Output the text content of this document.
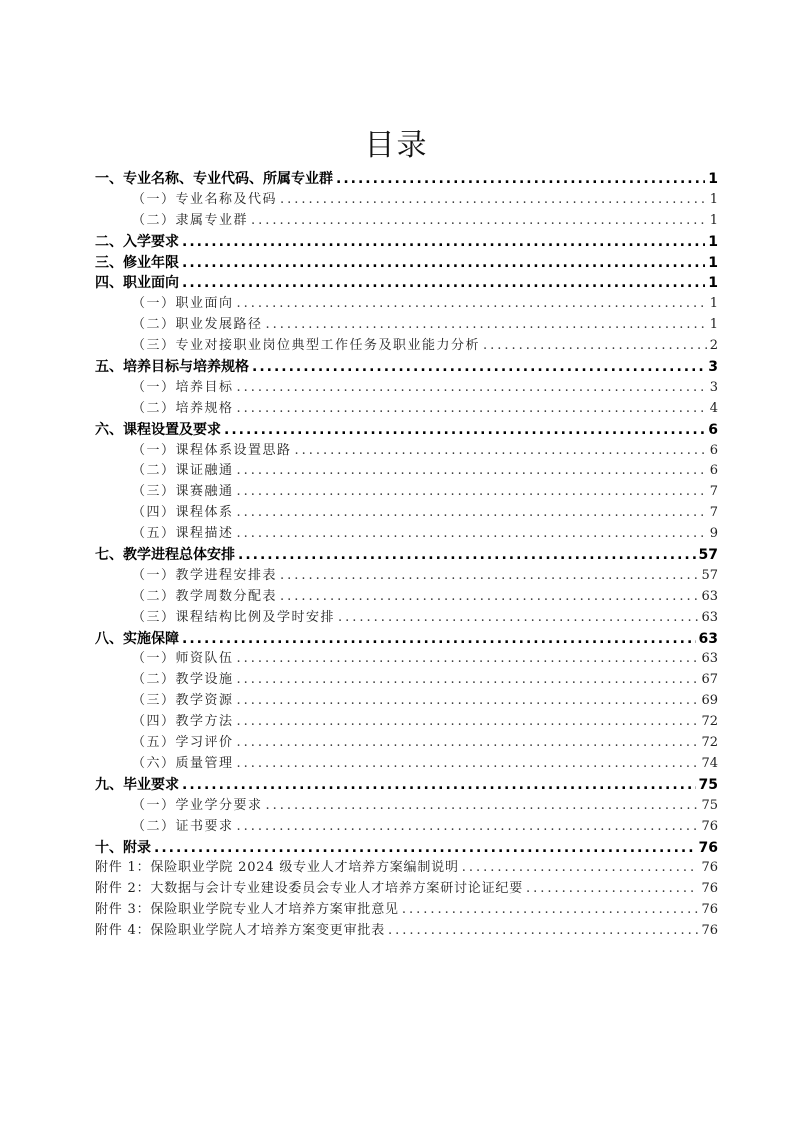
目录
一、专业名称、专业代码、所属专业群 .....	1
（一）专业名称及代码 .....	1
（二）隶属专业群 .....	1
二、入学要求 .....	1
三、修业年限 .....	1
四、职业面向 .....	1
（一）职业面向 .....	1
（二）职业发展路径 .....	1
（三）专业对接职业岗位典型工作任务及职业能力分析 .....	2
五、培养目标与培养规格 .....	3
（一）培养目标 .....	3
（二）培养规格 .....	4
六、课程设置及要求 .....	6
（一）课程体系设置思路 .....	6
（二）课证融通 .....	6
（三）课赛融通 .....	7
（四）课程体系 .....	7
（五）课程描述 .....	9
七、教学进程总体安排 .....	57
（一）教学进程安排表 .....	57
（二）教学周数分配表 .....	63
（三）课程结构比例及学时安排 .....	63
八、实施保障 .....	63
（一）师资队伍 .....	63
（二）教学设施 .....	67
（三）教学资源 .....	69
（四）教学方法 .....	72
（五）学习评价 .....	72
（六）质量管理 .....	74
九、毕业要求 .....	75
（一）学业学分要求 .....	75
（二）证书要求 .....	76
十、附录 .....	76
附件 1：保险职业学院 2024 级专业人才培养方案编制说明 .....	76
附件 2：大数据与会计专业建设委员会专业人才培养方案研讨论证纪要 .....	76
附件 3：保险职业学院专业人才培养方案审批意见 .....	76
附件 4：保险职业学院人才培养方案变更审批表 .....	76
